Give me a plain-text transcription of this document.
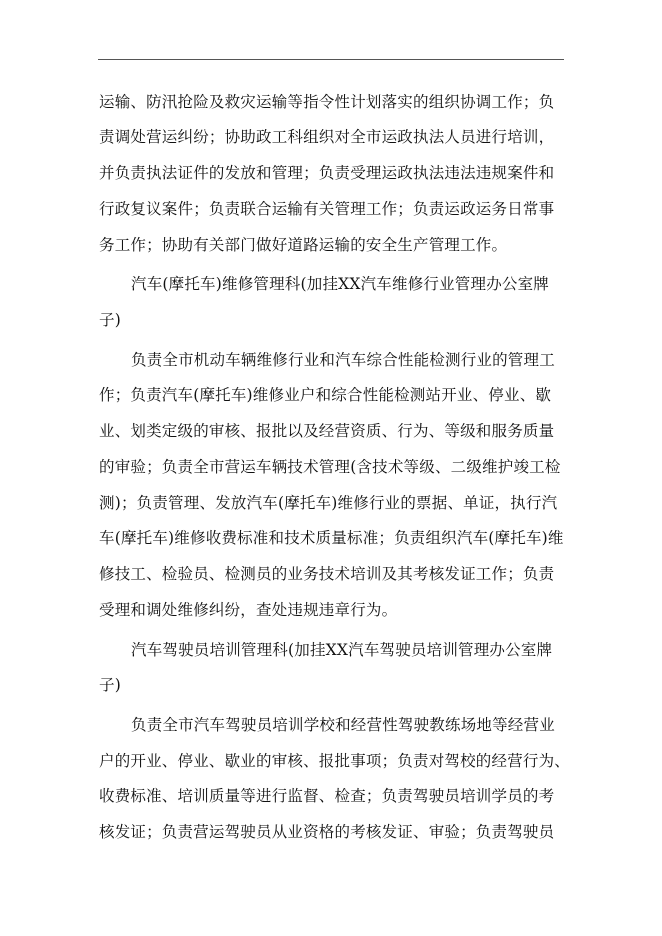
运输、防汛抢险及救灾运输等指令性计划落实的组织协调工作；负
责调处营运纠纷；协助政工科组织对全市运政执法人员进行培训，
并负责执法证件的发放和管理；负责受理运政执法违法违规案件和
行政复议案件；负责联合运输有关管理工作；负责运政运务日常事
务工作；协助有关部门做好道路运输的安全生产管理工作。
汽车(摩托车)维修管理科(加挂XX汽车维修行业管理办公室牌
子)
负责全市机动车辆维修行业和汽车综合性能检测行业的管理工
作；负责汽车(摩托车)维修业户和综合性能检测站开业、停业、歇
业、划类定级的审核、报批以及经营资质、行为、等级和服务质量
的审验；负责全市营运车辆技术管理(含技术等级、二级维护竣工检
测)；负责管理、发放汽车(摩托车)维修行业的票据、单证，执行汽
车(摩托车)维修收费标准和技术质量标准；负责组织汽车(摩托车)维
修技工、检验员、检测员的业务技术培训及其考核发证工作；负责
受理和调处维修纠纷，查处违规违章行为。
汽车驾驶员培训管理科(加挂XX汽车驾驶员培训管理办公室牌
子)
负责全市汽车驾驶员培训学校和经营性驾驶教练场地等经营业
户的开业、停业、歇业的审核、报批事项；负责对驾校的经营行为、
收费标准、培训质量等进行监督、检查；负责驾驶员培训学员的考
核发证；负责营运驾驶员从业资格的考核发证、审验；负责驾驶员
